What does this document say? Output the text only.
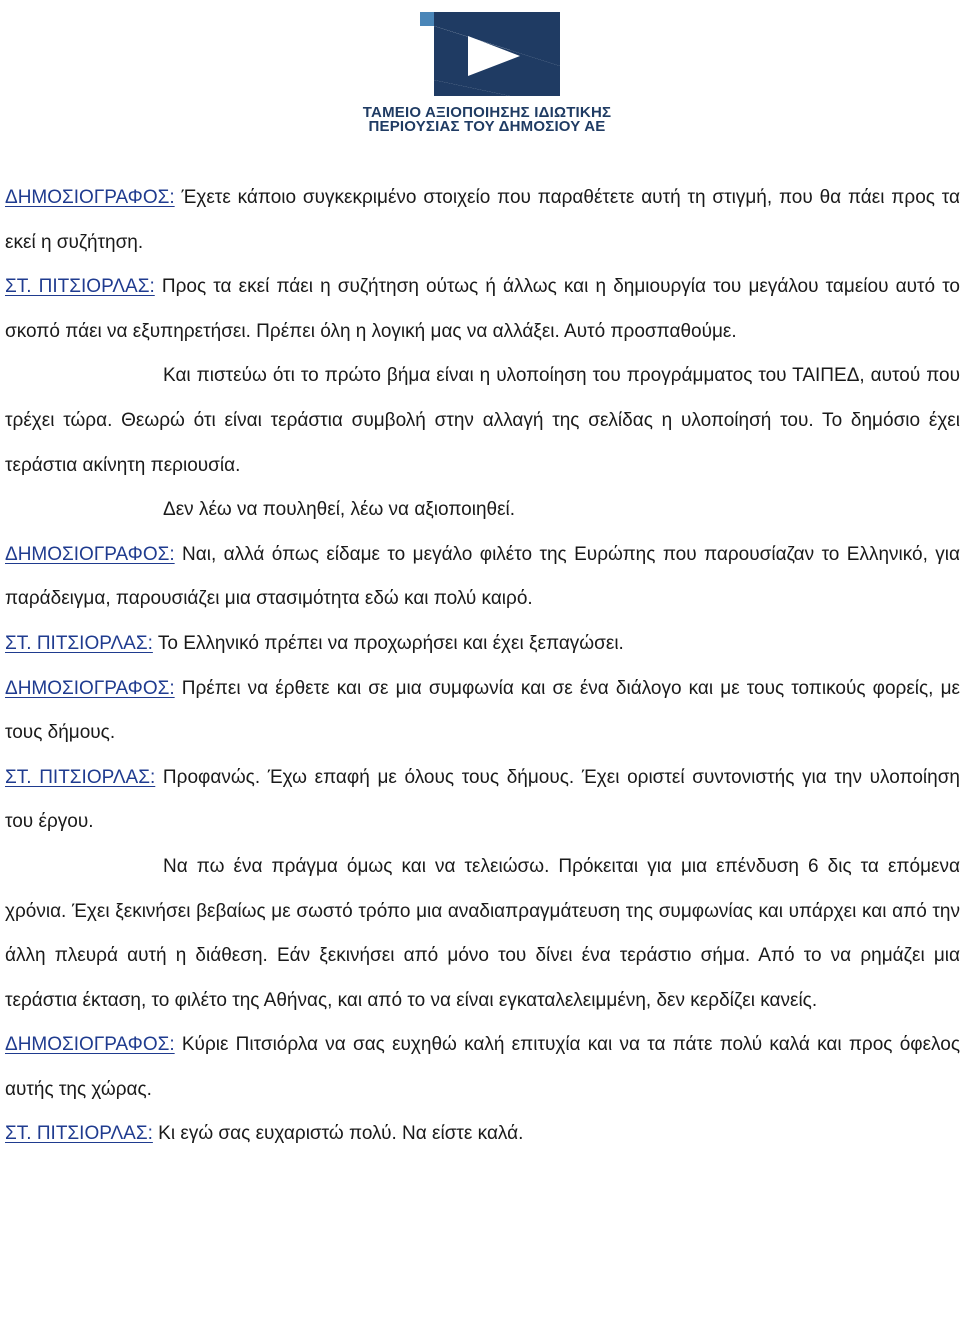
ΤΑΜΕΙΟ ΑΞΙΟΠΟΙΗΣΗΣ ΙΔΙΩΤΙΚΗΣ
ΠΕΡΙΟΥΣΙΑΣ ΤΟΥ ΔΗΜΟΣΙΟΥ ΑΕ

ΔΗΜΟΣΙΟΓΡΑΦΟΣ: Έχετε κάποιο συγκεκριμένο στοιχείο που παραθέτετε αυτή τη στιγμή, που θα πάει προς τα εκεί η συζήτηση.

ΣΤ. ΠΙΤΣΙΟΡΛΑΣ: Προς τα εκεί πάει η συζήτηση ούτως ή άλλως και η δημιουργία του μεγάλου ταμείου αυτό το σκοπό πάει να εξυπηρετήσει. Πρέπει όλη η λογική μας να αλλάξει. Αυτό προσπαθούμε.

Και πιστεύω ότι το πρώτο βήμα είναι η υλοποίηση του προγράμματος του ΤΑΙΠΕΔ, αυτού που τρέχει τώρα. Θεωρώ ότι είναι τεράστια συμβολή στην αλλαγή της σελίδας η υλοποίησή του. Το δημόσιο έχει τεράστια ακίνητη περιουσία.

Δεν λέω να πουληθεί, λέω να αξιοποιηθεί.

ΔΗΜΟΣΙΟΓΡΑΦΟΣ: Ναι, αλλά όπως είδαμε το μεγάλο φιλέτο της Ευρώπης που παρουσίαζαν το Ελληνικό, για παράδειγμα, παρουσιάζει μια στασιμότητα εδώ και πολύ καιρό.

ΣΤ. ΠΙΤΣΙΟΡΛΑΣ: Το Ελληνικό πρέπει να προχωρήσει και έχει ξεπαγώσει.

ΔΗΜΟΣΙΟΓΡΑΦΟΣ: Πρέπει να έρθετε και σε μια συμφωνία και σε ένα διάλογο και με τους τοπικούς φορείς, με τους δήμους.

ΣΤ. ΠΙΤΣΙΟΡΛΑΣ: Προφανώς. Έχω επαφή με όλους τους δήμους. Έχει οριστεί συντονιστής για την υλοποίηση του έργου.

Να πω ένα πράγμα όμως και να τελειώσω. Πρόκειται για μια επένδυση 6 δις τα επόμενα χρόνια. Έχει ξεκινήσει βεβαίως με σωστό τρόπο μια αναδιαπραγμάτευση της συμφωνίας και υπάρχει και από την άλλη πλευρά αυτή η διάθεση. Εάν ξεκινήσει από μόνο του δίνει ένα τεράστιο σήμα. Από το να ρημάζει μια τεράστια έκταση, το φιλέτο της Αθήνας, και από το να είναι εγκαταλελειμμένη, δεν κερδίζει κανείς.

ΔΗΜΟΣΙΟΓΡΑΦΟΣ: Κύριε Πιτσιόρλα να σας ευχηθώ καλή επιτυχία και να τα πάτε πολύ καλά και προς όφελος αυτής της χώρας.

ΣΤ. ΠΙΤΣΙΟΡΛΑΣ: Κι εγώ σας ευχαριστώ πολύ. Να είστε καλά.
